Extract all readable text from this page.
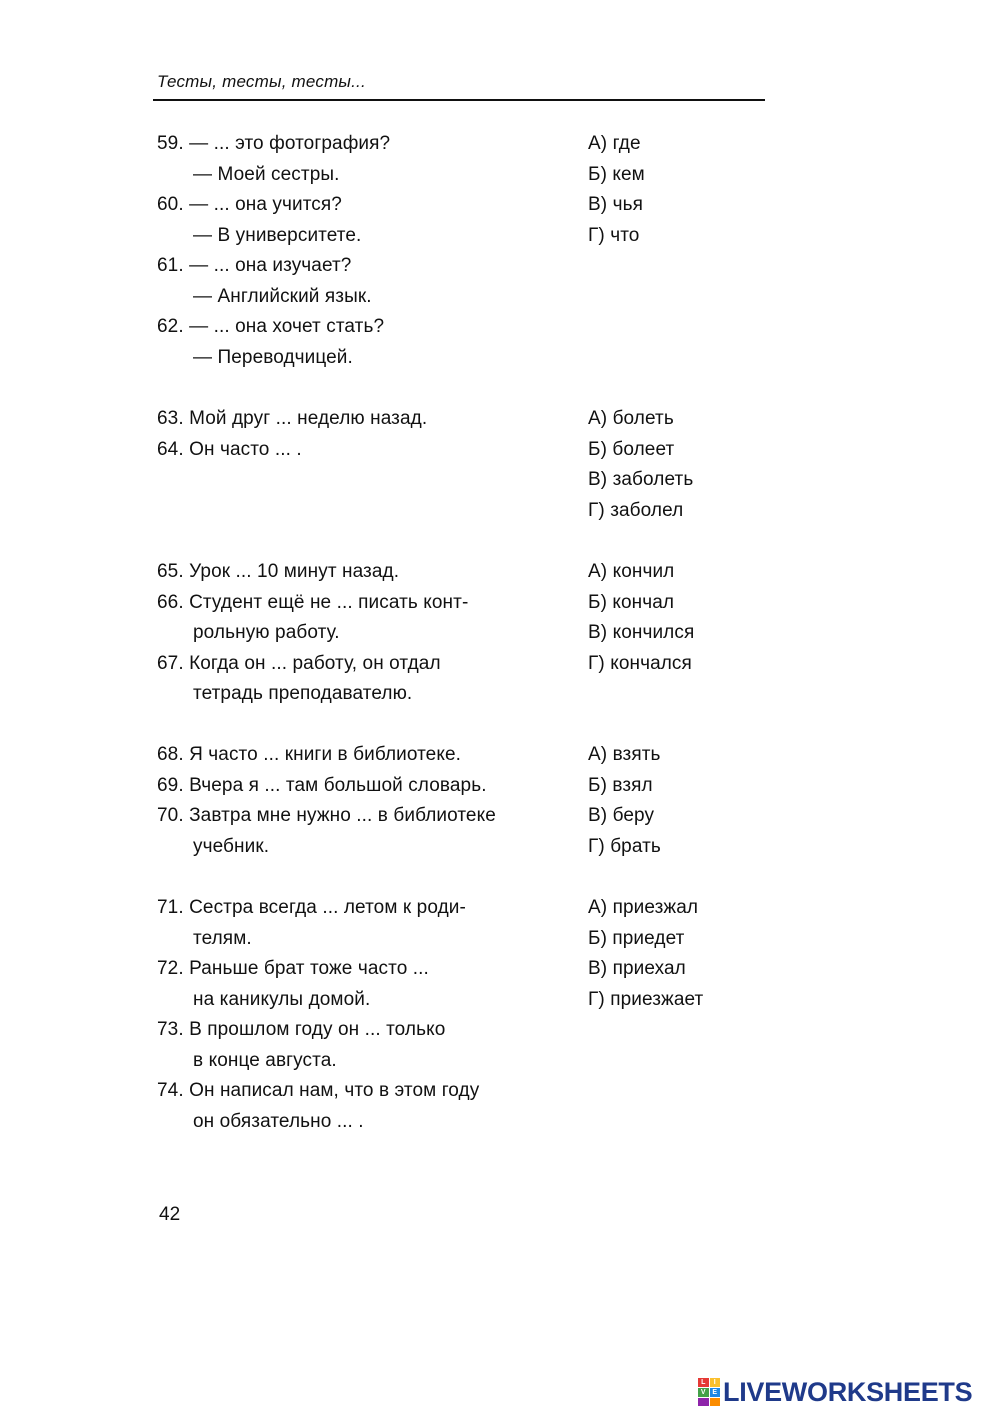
Тесты, тесты, тесты...
59. — ... это фотография?
— Моей сестры.
60. — ... она учится?
— В университете.
61. — ... она изучает?
— Английский язык.
62. — ... она хочет стать?
— Переводчицей.
А) где
Б) кем
В) чья
Г) что
63. Мой друг ... неделю назад.
64. Он часто ... .
А) болеть
Б) болеет
В) заболеть
Г) заболел
65. Урок ... 10 минут назад.
66. Студент ещё не ... писать конт-
рольную работу.
67. Когда он ... работу, он отдал
тетрадь преподавателю.
А) кончил
Б) кончал
В) кончился
Г) кончался
68. Я часто ... книги в библиотеке.
69. Вчера я ... там большой словарь.
70. Завтра мне нужно ... в библиотеке
учебник.
А) взять
Б) взял
В) беру
Г) брать
71. Сестра всегда ... летом к роди-
телям.
72. Раньше брат тоже часто ...
на каникулы домой.
73. В прошлом году он ... только
в конце августа.
74. Он написал нам, что в этом году
он обязательно ... .
А) приезжал
Б) приедет
В) приехал
Г) приезжает
42
L	I
V E LIVEWORKSHEETS
